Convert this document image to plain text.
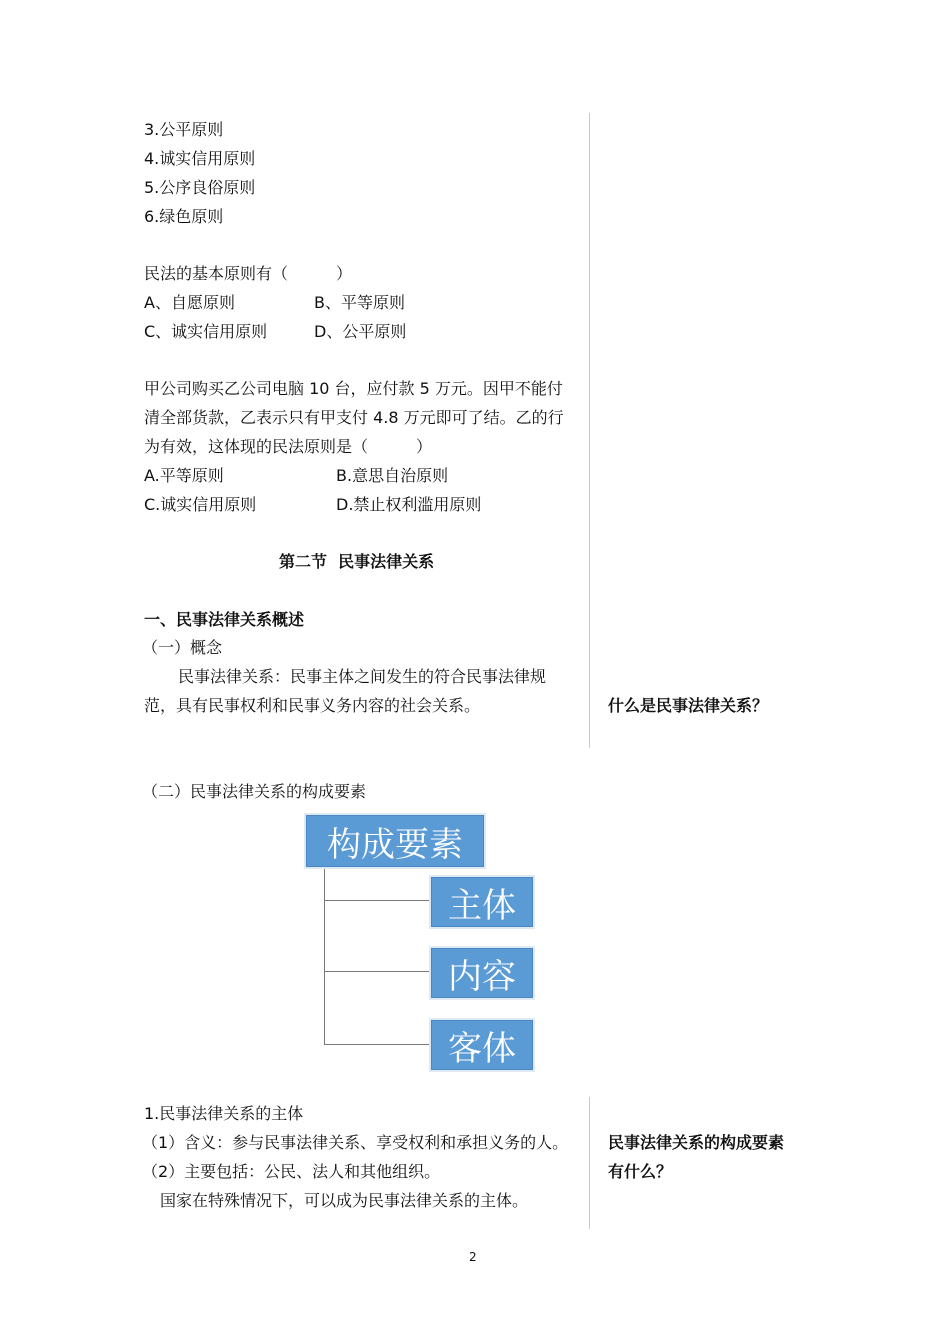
3.公平原则
4.诚实信用原则
5.公序良俗原则
6.绿色原则
民法的基本原则有（　　　）
A、自愿原则	B、平等原则
C、诚实信用原则	D、公平原则
甲公司购买乙公司电脑 10 台，应付款 5 万元。因甲不能付
清全部货款，乙表示只有甲支付 4.8 万元即可了结。乙的行
为有效，这体现的民法原则是（　　　）
A.平等原则	B.意思自治原则
C.诚实信用原则	D.禁止权利滥用原则
第二节  民事法律关系
一、民事法律关系概述
（一）概念
民事法律关系：民事主体之间发生的符合民事法律规
范，具有民事权利和民事义务内容的社会关系。	什么是民事法律关系？
（二）民事法律关系的构成要素
构成要素
主体
内容
客体
1.民事法律关系的主体
（1）含义：参与民事法律关系、享受权利和承担义务的人。
（2）主要包括：公民、法人和其他组织。
国家在特殊情况下，可以成为民事法律关系的主体。
民事法律关系的构成要素
有什么？
2
